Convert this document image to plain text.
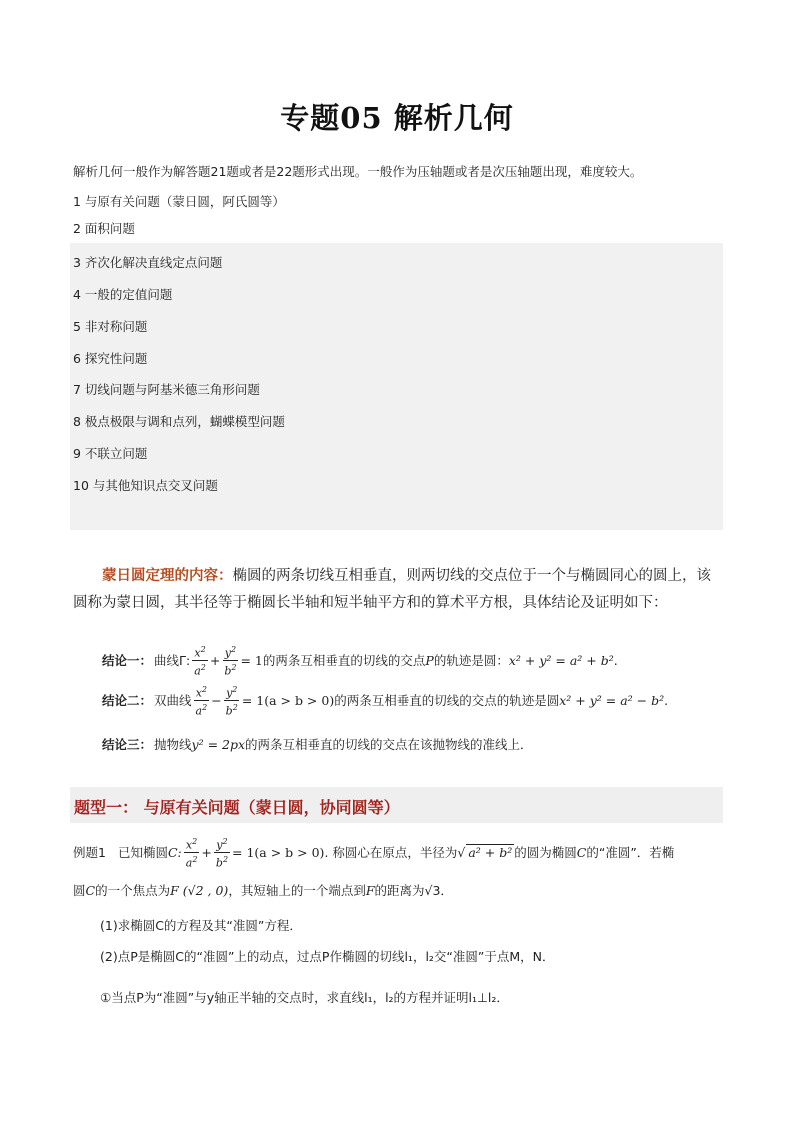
专题05 解析几何
解析几何一般作为解答题21题或者是22题形式出现。一般作为压轴题或者是次压轴题出现，难度较大。
1 与原有关问题（蒙日圆，阿氏圆等）
2 面积问题
3 齐次化解决直线定点问题
4 一般的定值问题
5 非对称问题
6 探究性问题
7 切线问题与阿基米德三角形问题
8 极点极限与调和点列，蝴蝶模型问题
9 不联立问题
10 与其他知识点交叉问题
蒙日圆定理的内容：椭圆的两条切线互相垂直，则两切线的交点位于一个与椭圆同心的圆上，该圆称为蒙日圆，其半径等于椭圆长半轴和短半轴平方和的算术平方根，具体结论及证明如下：
结论一： 曲线Γ: $\frac{x^2}{a^2} + \frac{y^2}{b^2} = 1$ 的两条互相垂直的切线的交点 P 的轨迹是圆： x² + y² = a² + b² .
结论二： 双曲线 $\frac{x^2}{a^2} - \frac{y^2}{b^2} = 1(a > b > 0)$ 的两条互相垂直的切线的交点的轨迹是圆 x² + y² = a² − b² .
结论三： 抛物线 y² = 2px 的两条互相垂直的切线的交点在该抛物线的准线上．
题型一： 与原有关问题（蒙日圆，协同圆等）
例题1 已知椭圆 C: $\frac{x^2}{a^2} + \frac{y^2}{b^2} = 1(a > b > 0)$ . 称圆心在原点，半径为 √ a² + b² 的圆为椭圆 C 的“准圆”．若椭
圆 C 的一个焦点为 F (√2 , 0) ，其短轴上的一个端点到 F 的距离为√3．
(1)求椭圆C的方程及其“准圆”方程．
(2)点P是椭圆C的“准圆”上的动点，过点P作椭圆的切线l₁，l₂交“准圆”于点M，N．
①当点P为“准圆”与y轴正半轴的交点时，求直线l₁，l₂的方程并证明l₁⊥l₂．
